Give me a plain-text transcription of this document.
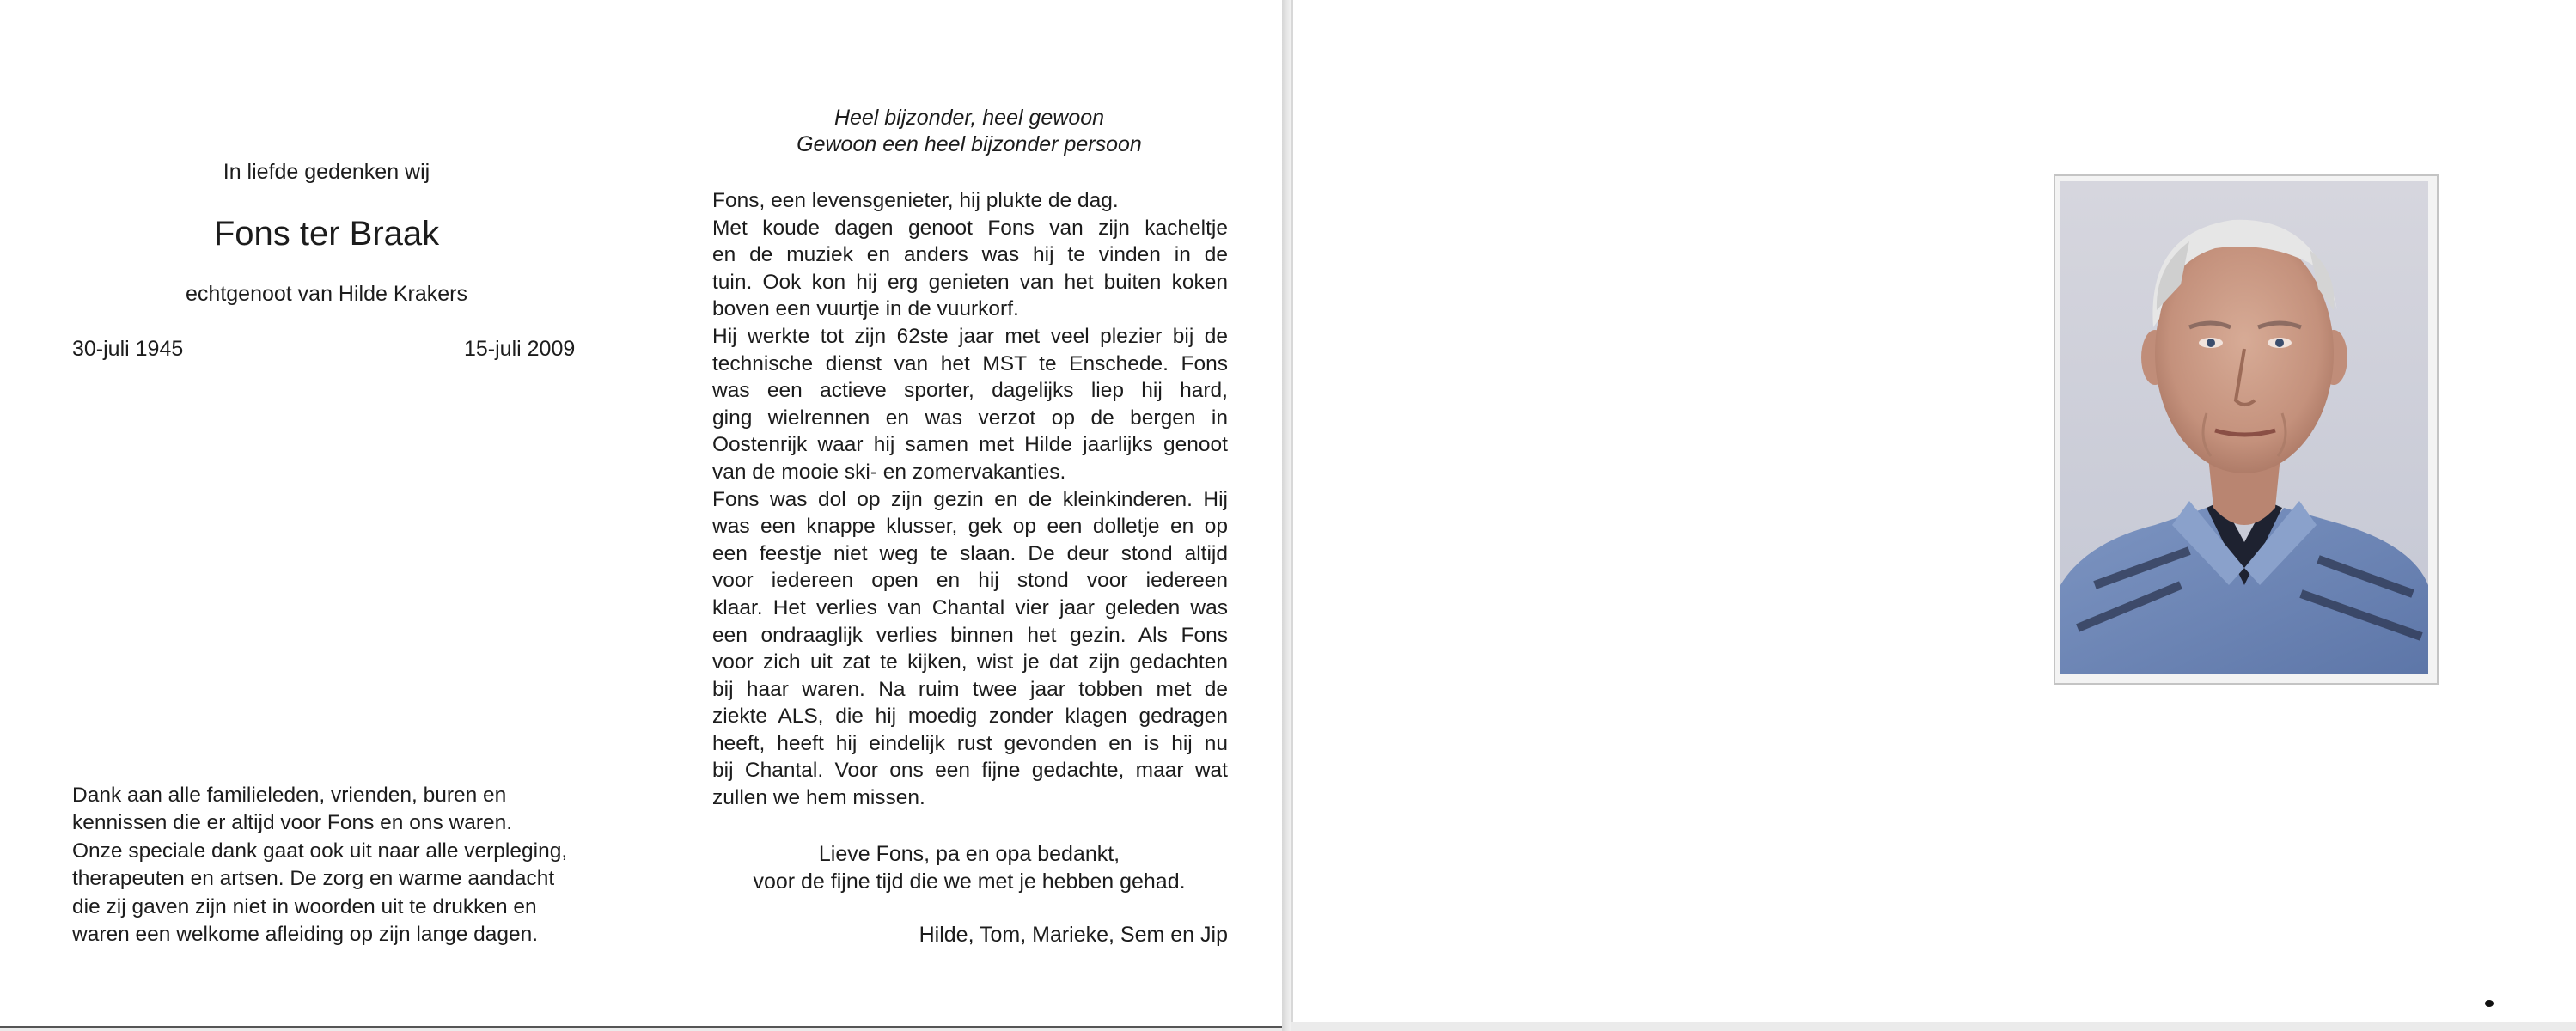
In liefde gedenken wij
Fons ter Braak
echtgenoot van Hilde Krakers
30-juli 1945	15-juli 2009

Dank aan alle familieleden, vrienden, buren en

kennissen die er altijd voor Fons en ons waren.

Onze speciale dank gaat ook uit naar alle verpleging,

therapeuten en artsen. De zorg en warme aandacht

die zij gaven zijn niet in woorden uit te drukken en

waren een welkome afleiding op zijn lange dagen.

Heel bijzonder, heel gewoon
Gewoon een heel bijzonder persoon
Fons, een levensgenieter, hij plukte de dag.
Met koude dagen genoot Fons van zijn kacheltje
en de muziek en anders was hij te vinden in de
tuin. Ook kon hij erg genieten van het buiten koken
boven een vuurtje in de vuurkorf.
Hij werkte tot zijn 62ste jaar met veel plezier bij de
technische dienst van het MST te Enschede. Fons
was een actieve sporter, dagelijks liep hij hard,
ging wielrennen en was verzot op de bergen in
Oostenrijk waar hij samen met Hilde jaarlijks genoot
van de mooie ski- en zomervakanties.
Fons was dol op zijn gezin en de kleinkinderen. Hij
was een knappe klusser, gek op een dolletje en op
een feestje niet weg te slaan. De deur stond altijd
voor iedereen open en hij stond voor iedereen
klaar. Het verlies van Chantal vier jaar geleden was
een ondraaglijk verlies binnen het gezin. Als Fons
voor zich uit zat te kijken, wist je dat zijn gedachten
bij haar waren. Na ruim twee jaar tobben met de
ziekte ALS, die hij moedig zonder klagen gedragen
heeft, heeft hij eindelijk rust gevonden en is hij nu
bij Chantal. Voor ons een fijne gedachte, maar wat
zullen we hem missen.
Lieve Fons, pa en opa bedankt,
voor de fijne tijd die we met je hebben gehad.
Hilde, Tom, Marieke, Sem en Jip
